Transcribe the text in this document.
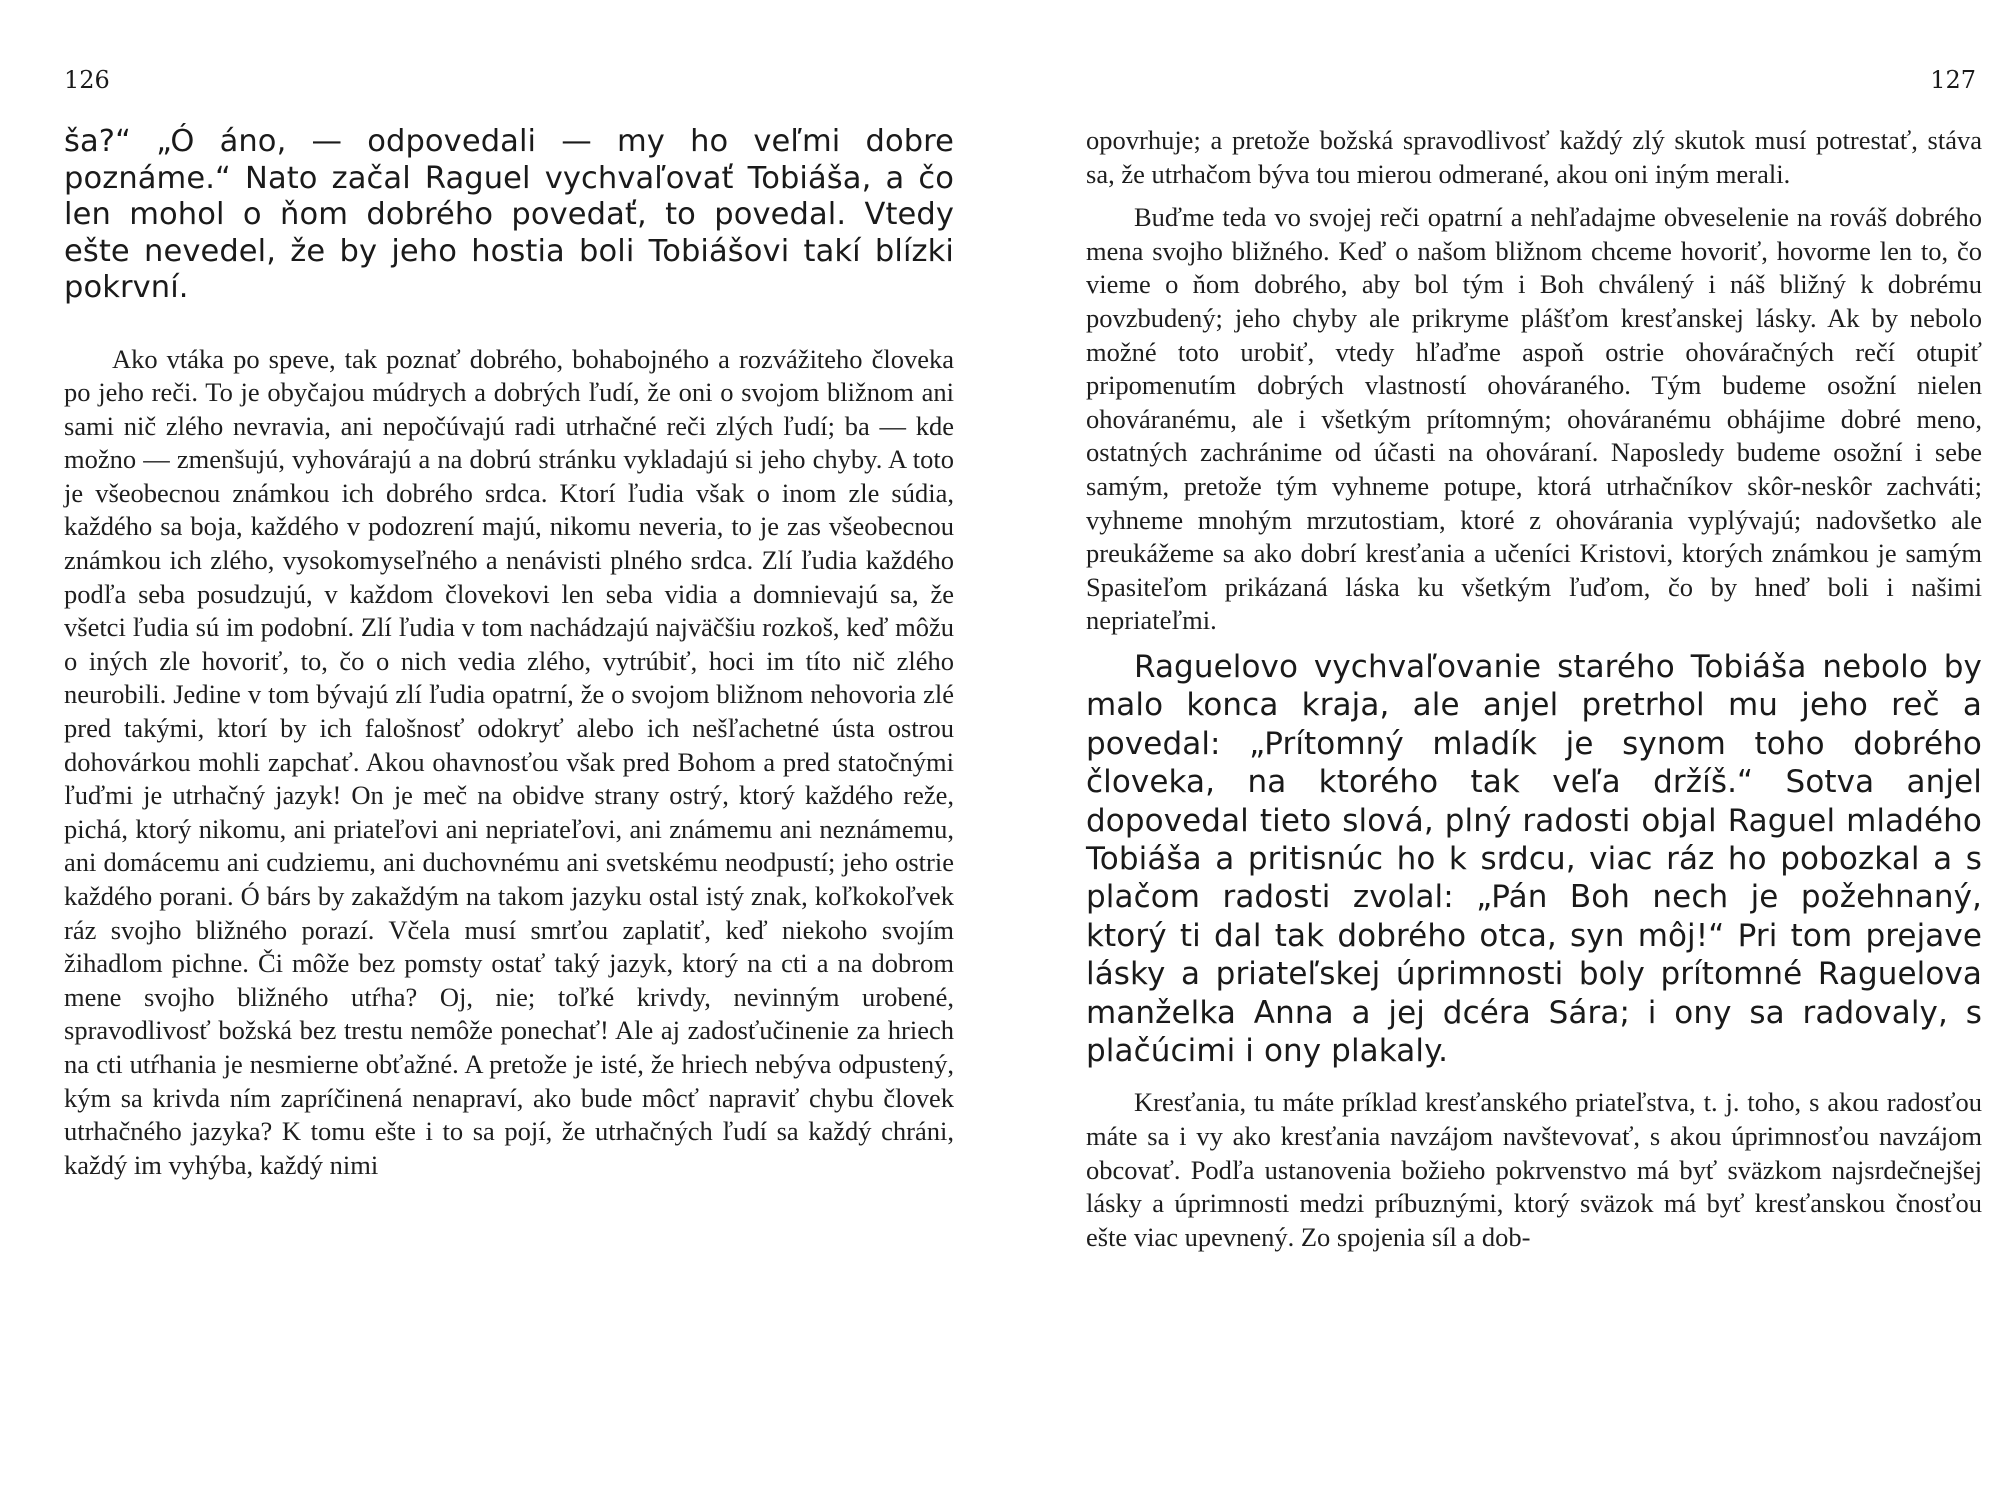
126

ša?“ „Ó áno, — odpovedali — my ho veľmi dobre poznáme.“ Nato začal Raguel vychvaľovať Tobiáša, a čo len mohol o ňom dobrého povedať, to povedal. Vtedy ešte nevedel, že by jeho hostia boli Tobiášovi takí blízki pokrvní.

Ako vtáka po speve, tak poznať dobrého, bohabojného a rozvážiteho človeka po jeho reči. To je obyčajou múdrych a dobrých ľudí, že oni o svojom bližnom ani sami nič zlého nevravia, ani nepočúvajú radi utrhačné reči zlých ľudí; ba — kde možno — zmenšujú, vyhovárajú a na dobrú stránku vykladajú si jeho chyby. A toto je všeobecnou známkou ich dobrého srdca. Ktorí ľudia však o inom zle súdia, každého sa boja, každého v podozrení majú, nikomu neveria, to je zas všeobecnou známkou ich zlého, vysokomyseľného a nenávisti plného srdca. Zlí ľudia každého podľa seba posudzujú, v každom človekovi len seba vidia a domnievajú sa, že všetci ľudia sú im podobní. Zlí ľudia v tom nachádzajú najväčšiu rozkoš, keď môžu o iných zle hovoriť, to, čo o nich vedia zlého, vytrúbiť, hoci im títo nič zlého neurobili. Jedine v tom bývajú zlí ľudia opatrní, že o svojom bližnom nehovoria zlé pred takými, ktorí by ich falošnosť odokryť alebo ich nešľachetné ústa ostrou dohovárkou mohli zapchať. Akou ohavnosťou však pred Bohom a pred statočnými ľuďmi je utrhačný jazyk! On je meč na obidve strany ostrý, ktorý každého reže, pichá, ktorý nikomu, ani priateľovi ani nepriateľovi, ani známemu ani neznámemu, ani domácemu ani cudziemu, ani duchovnému ani svetskému neodpustí; jeho ostrie každého porani. Ó bárs by zakaždým na takom jazyku ostal istý znak, koľkokoľvek ráz svojho bližného porazí. Včela musí smrťou zaplatiť, keď niekoho svojím žihadlom pichne. Či môže bez pomsty ostať taký jazyk, ktorý na cti a na dobrom mene svojho bližného utŕha? Oj, nie; toľké krivdy, nevinným urobené, spravodlivosť božská bez trestu nemôže ponechať! Ale aj zadosťučinenie za hriech na cti utŕhania je nesmierne obťažné. A pretože je isté, že hriech nebýva odpustený, kým sa krivda ním zapríčinená nenapraví, ako bude môcť napraviť chybu človek utrhačného jazyka? K tomu ešte i to sa pojí, že utrhačných ľudí sa každý chráni, každý im vyhýba, každý nimi

127

opovrhuje; a pretože božská spravodlivosť každý zlý skutok musí potrestať, stáva sa, že utrhačom býva tou mierou odmerané, akou oni iným merali.

Buďme teda vo svojej reči opatrní a nehľadajme obveselenie na rováš dobrého mena svojho bližného. Keď o našom bližnom chceme hovoriť, hovorme len to, čo vieme o ňom dobrého, aby bol tým i Boh chválený i náš bližný k dobrému povzbudený; jeho chyby ale prikryme plášťom kresťanskej lásky. Ak by nebolo možné toto urobiť, vtedy hľaďme aspoň ostrie ohováračných rečí otupiť pripomenutím dobrých vlastností ohováraného. Tým budeme osožní nielen ohováranému, ale i všetkým prítomným; ohováranému obhájime dobré meno, ostatných zachránime od účasti na ohováraní. Naposledy budeme osožní i sebe samým, pretože tým vyhneme potupe, ktorá utrhačníkov skôr-neskôr zachváti; vyhneme mnohým mrzutostiam, ktoré z ohovárania vyplývajú; nadovšetko ale preukážeme sa ako dobrí kresťania a učeníci Kristovi, ktorých známkou je samým Spasiteľom prikázaná láska ku všetkým ľuďom, čo by hneď boli i našimi nepriateľmi.

Raguelovo vychvaľovanie starého Tobiáša nebolo by malo konca kraja, ale anjel pretrhol mu jeho reč a povedal: „Prítomný mladík je synom toho dobrého človeka, na ktorého tak veľa držíš.“ Sotva anjel dopovedal tieto slová, plný radosti objal Raguel mladého Tobiáša a pritisnúc ho k srdcu, viac ráz ho pobozkal a s plačom radosti zvolal: „Pán Boh nech je požehnaný, ktorý ti dal tak dobrého otca, syn môj!“ Pri tom prejave lásky a priateľskej úprimnosti boly prítomné Raguelova manželka Anna a jej dcéra Sára; i ony sa radovaly, s plačúcimi i ony plakaly.

Kresťania, tu máte príklad kresťanského priateľstva, t. j. toho, s akou radosťou máte sa i vy ako kresťania navzájom navštevovať, s akou úprimnosťou navzájom obcovať. Podľa ustanovenia božieho pokrvenstvo má byť sväzkom najsrdečnejšej lásky a úprimnosti medzi príbuznými, ktorý sväzok má byť kresťanskou čnosťou ešte viac upevnený. Zo spojenia síl a dob-
